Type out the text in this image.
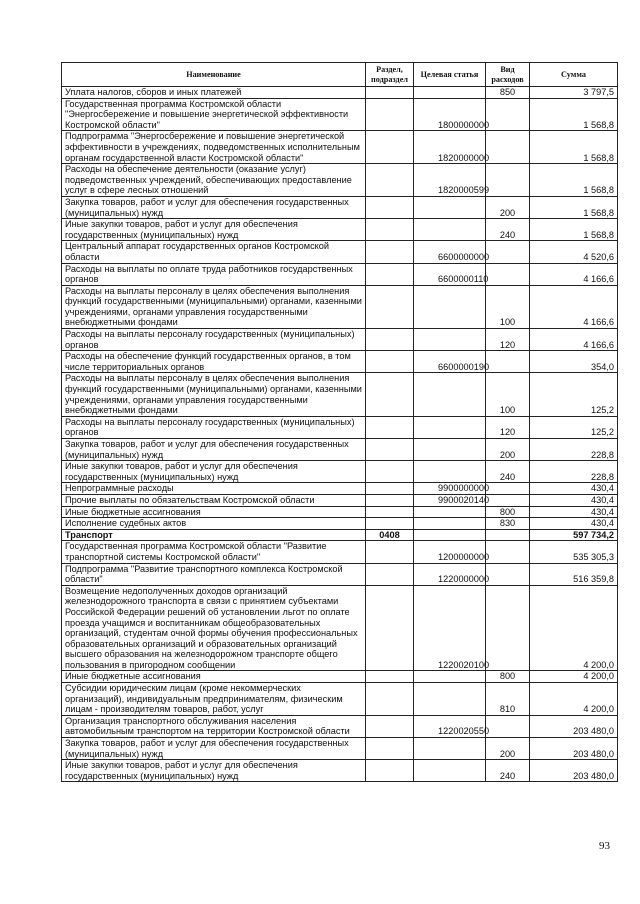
Наименование	Раздел, подраздел	Целевая статья	Вид расходов	Сумма
Уплата налогов, сборов и иных платежей			850	3 797,5
Государственная программа Костромской области "Энергосбережение и повышение энергетической эффективности Костромской области"		1800000000		1 568,8
Подпрограмма "Энергосбережение и повышение энергетической эффективности в учреждениях, подведомственных исполнительным органам государственной власти Костромской области"		1820000000		1 568,8
Расходы на обеспечение деятельности (оказание услуг) подведомственных учреждений, обеспечивающих предоставление услуг в сфере лесных отношений		1820000599		1 568,8
Закупка товаров, работ и услуг для обеспечения государственных (муниципальных) нужд			200	1 568,8
Иные закупки товаров, работ и услуг для обеспечения государственных (муниципальных) нужд			240	1 568,8
Центральный аппарат государственных органов Костромской области		6600000000		4 520,6
Расходы на выплаты по оплате труда работников государственных органов		6600000110		4 166,6
Расходы на выплаты персоналу в целях обеспечения выполнения функций государственными (муниципальными) органами, казенными учреждениями, органами управления государственными внебюджетными фондами			100	4 166,6
Расходы на выплаты персоналу государственных (муниципальных) органов			120	4 166,6
Расходы на обеспечение функций государственных органов, в том числе территориальных органов		6600000190		354,0
Расходы на выплаты персоналу в целях обеспечения выполнения функций государственными (муниципальными) органами, казенными учреждениями, органами управления государственными внебюджетными фондами			100	125,2
Расходы на выплаты персоналу государственных (муниципальных) органов			120	125,2
Закупка товаров, работ и услуг для обеспечения государственных (муниципальных) нужд			200	228,8
Иные закупки товаров, работ и услуг для обеспечения государственных (муниципальных) нужд			240	228,8
Непрограммные расходы		9900000000		430,4
Прочие выплаты по обязательствам Костромской области		9900020140		430,4
Иные бюджетные ассигнования			800	430,4
Исполнение судебных актов			830	430,4
Транспорт	0408			597 734,2
Государственная программа Костромской области "Развитие транспортной системы Костромской области"		1200000000		535 305,3
Подпрограмма "Развитие транспортного комплекса Костромской области"		1220000000		516 359,8
Возмещение недополученных доходов организаций железнодорожного транспорта в связи с принятием субъектами Российской Федерации решений об установлении льгот по оплате проезда учащимся и воспитанникам общеобразовательных организаций, студентам очной формы обучения профессиональных образовательных организаций и образовательных организаций высшего образования на железнодорожном транспорте общего пользования в пригородном сообщении		1220020100		4 200,0
Иные бюджетные ассигнования			800	4 200,0
Субсидии юридическим лицам (кроме некоммерческих организаций), индивидуальным предпринимателям, физическим лицам - производителям товаров, работ, услуг			810	4 200,0
Организация транспортного обслуживания населения автомобильным транспортом на территории Костромской области		1220020550		203 480,0
Закупка товаров, работ и услуг для обеспечения государственных (муниципальных) нужд			200	203 480,0
Иные закупки товаров, работ и услуг для обеспечения государственных (муниципальных) нужд			240	203 480,0
93
